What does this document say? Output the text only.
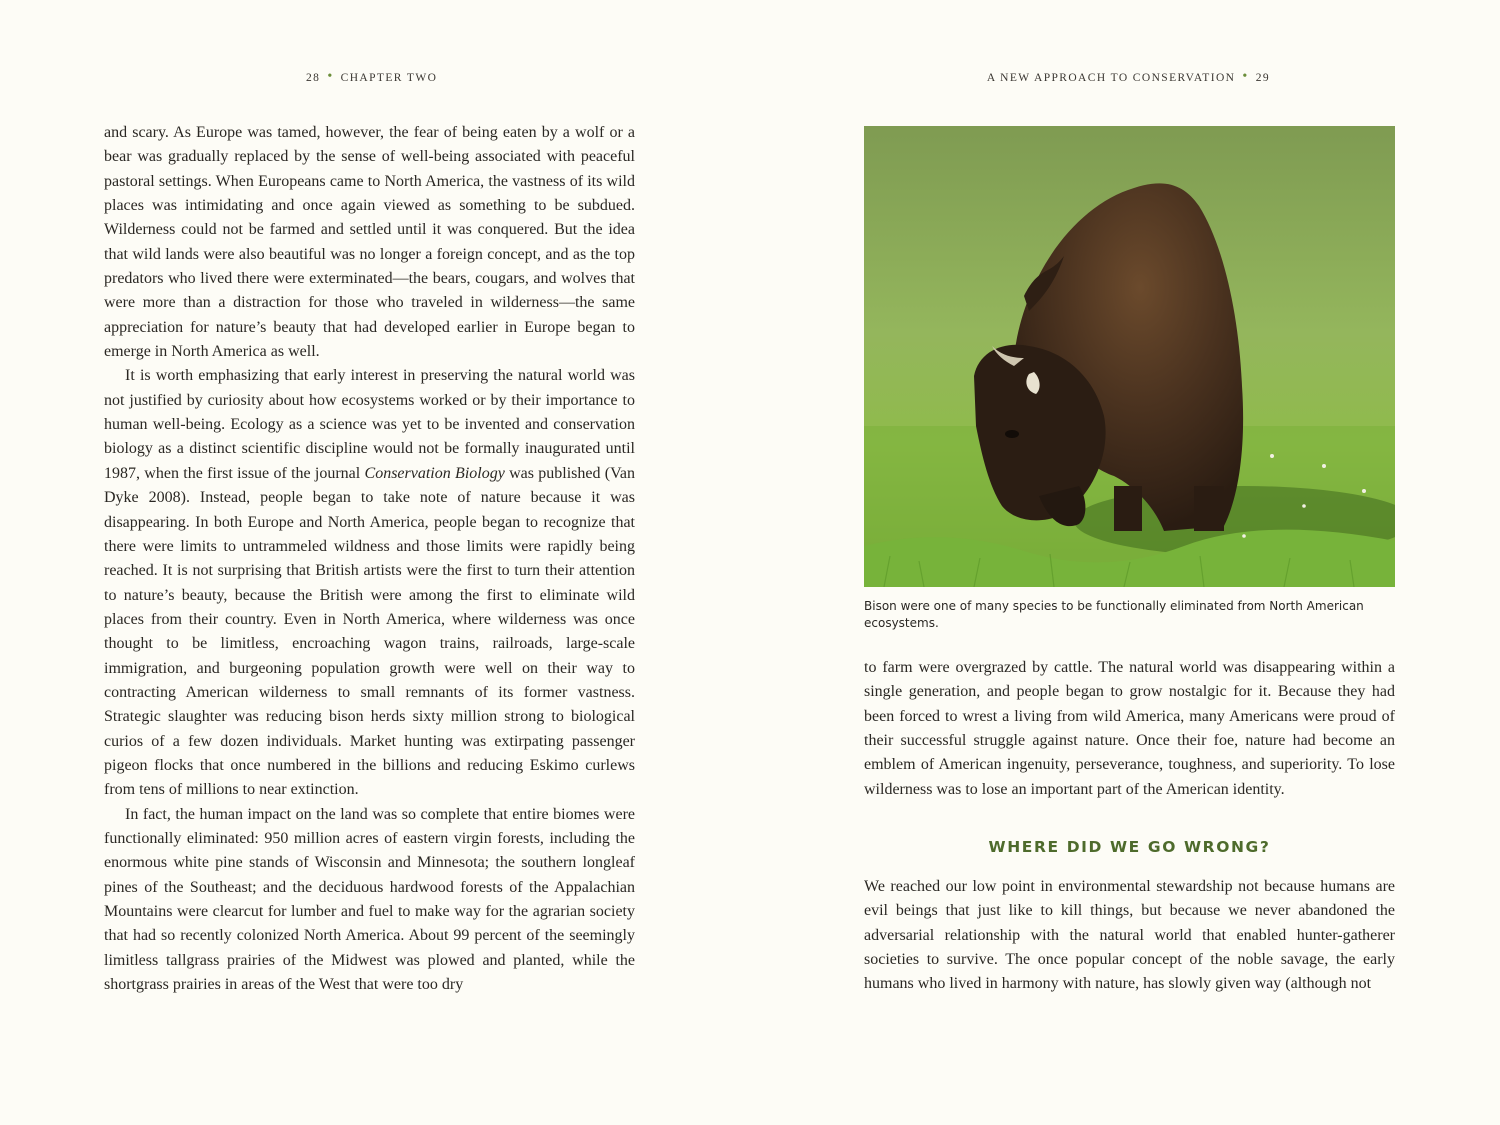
28 • CHAPTER TWO

and scary. As Europe was tamed, however, the fear of being eaten by a wolf or a bear was gradually replaced by the sense of well-being associated with peaceful pastoral settings. When Europeans came to North America, the vastness of its wild places was intimidating and once again viewed as something to be subdued. Wilderness could not be farmed and settled until it was conquered. But the idea that wild lands were also beautiful was no longer a foreign concept, and as the top predators who lived there were exterminated—the bears, cougars, and wolves that were more than a distraction for those who traveled in wilderness—the same appreciation for nature’s beauty that had developed earlier in Europe began to emerge in North America as well.

It is worth emphasizing that early interest in preserving the natural world was not justified by curiosity about how ecosystems worked or by their importance to human well-being. Ecology as a science was yet to be invented and conservation biology as a distinct scientific discipline would not be formally inaugurated until 1987, when the first issue of the journal Conservation Biology was published (Van Dyke 2008). Instead, people began to take note of nature because it was disappearing. In both Europe and North America, people began to recognize that there were limits to untrammeled wildness and those limits were rapidly being reached. It is not surprising that British artists were the first to turn their attention to nature’s beauty, because the British were among the first to eliminate wild places from their country. Even in North America, where wilderness was once thought to be limitless, encroaching wagon trains, railroads, large-scale immigration, and burgeoning population growth were well on their way to contracting American wilderness to small remnants of its former vastness. Strategic slaughter was reducing bison herds sixty million strong to biological curios of a few dozen individuals. Market hunting was extirpating passenger pigeon flocks that once numbered in the billions and reducing Eskimo curlews from tens of millions to near extinction.

In fact, the human impact on the land was so complete that entire biomes were functionally eliminated: 950 million acres of eastern virgin forests, including the enormous white pine stands of Wisconsin and Minnesota; the southern longleaf pines of the Southeast; and the deciduous hardwood forests of the Appalachian Mountains were clearcut for lumber and fuel to make way for the agrarian society that had so recently colonized North America. About 99 percent of the seemingly limitless tallgrass prairies of the Midwest was plowed and planted, while the shortgrass prairies in areas of the West that were too dry

A NEW APPROACH TO CONSERVATION • 29
Bison were one of many species to be functionally eliminated from North American ecosystems.

to farm were overgrazed by cattle. The natural world was disappearing within a single generation, and people began to grow nostalgic for it. Because they had been forced to wrest a living from wild America, many Americans were proud of their successful struggle against nature. Once their foe, nature had become an emblem of American ingenuity, perseverance, toughness, and superiority. To lose wilderness was to lose an important part of the American identity.

WHERE DID WE GO WRONG?

We reached our low point in environmental stewardship not because humans are evil beings that just like to kill things, but because we never abandoned the adversarial relationship with the natural world that enabled hunter-gatherer societies to survive. The once popular concept of the noble savage, the early humans who lived in harmony with nature, has slowly given way (although not
